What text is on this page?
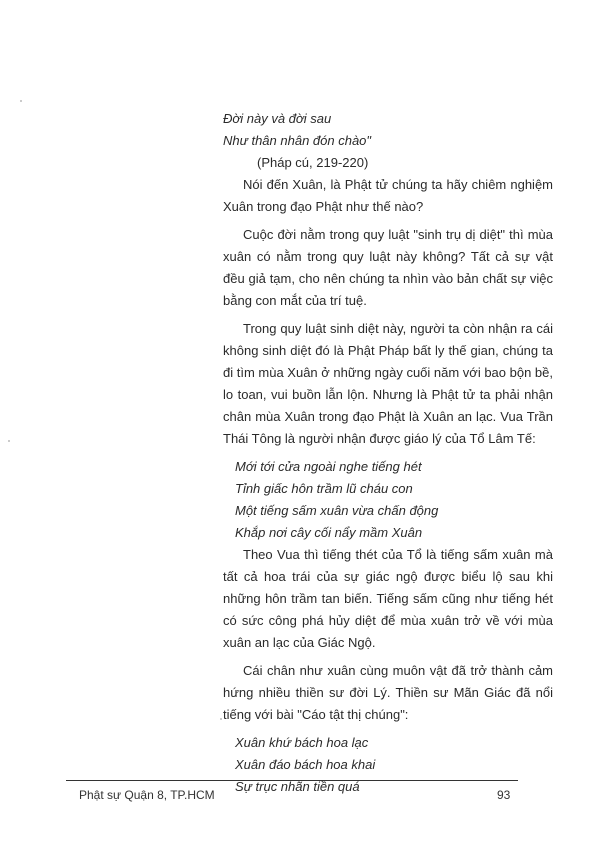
Đời này và đời sau
Như thân nhân đón chào"
(Pháp cú, 219-220)
Nói đến Xuân, là Phật tử chúng ta hãy chiêm nghiệm Xuân trong đạo Phật như thế nào?
Cuộc đời nằm trong quy luật "sinh trụ dị diệt" thì mùa xuân có nằm trong quy luật này không? Tất cả sự vật đều giả tạm, cho nên chúng ta nhìn vào bản chất sự việc bằng con mắt của trí tuệ.
Trong quy luật sinh diệt này, người ta còn nhận ra cái không sinh diệt đó là Phật Pháp bất ly thế gian, chúng ta đi tìm mùa Xuân ở những ngày cuối năm với bao bộn bề, lo toan, vui buồn lẫn lộn. Nhưng là Phật tử ta phải nhận chân mùa Xuân trong đạo Phật là Xuân an lạc. Vua Trần Thái Tông là người nhận được giáo lý của Tổ Lâm Tế:
Mới tới cửa ngoài nghe tiếng hét
Tỉnh giấc hôn trầm lũ cháu con
Một tiếng sấm xuân vừa chấn động
Khắp nơi cây cối nẩy mầm Xuân
Theo Vua thì tiếng thét của Tổ là tiếng sấm xuân mà tất cả hoa trái của sự giác ngộ được biểu lộ sau khi những hôn trầm tan biến. Tiếng sấm cũng như tiếng hét có sức công phá hủy diệt để mùa xuân trở về với mùa xuân an lạc của Giác Ngộ.
Cái chân như xuân cùng muôn vật đã trở thành cảm hứng nhiều thiền sư đời Lý. Thiền sư Mãn Giác đã nổi tiếng với bài "Cáo tật thị chúng":
Xuân khứ bách hoa lạc
Xuân đáo bách hoa khai
Sự trục nhãn tiền quá
Phật sự Quận 8, TP.HCM	93
